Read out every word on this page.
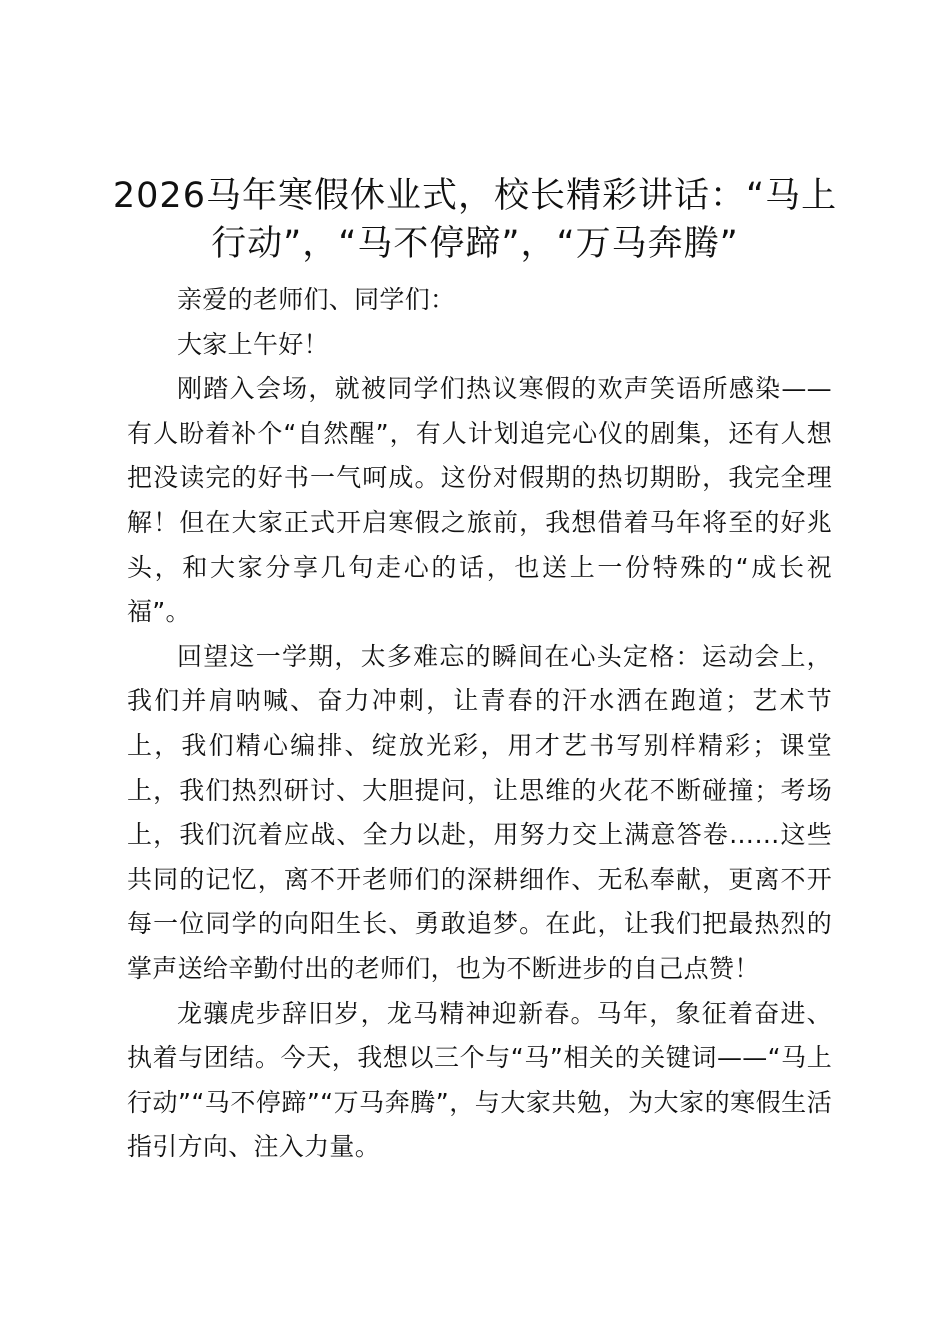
2026马年寒假休业式，校长精彩讲话：“马上行动”，“马不停蹄”，“万马奔腾”

亲爱的老师们、同学们：

大家上午好！

刚踏入会场，就被同学们热议寒假的欢声笑语所感染——有人盼着补个“自然醒”，有人计划追完心仪的剧集，还有人想把没读完的好书一气呵成。这份对假期的热切期盼，我完全理解！但在大家正式开启寒假之旅前，我想借着马年将至的好兆头，和大家分享几句走心的话，也送上一份特殊的“成长祝福”。

回望这一学期，太多难忘的瞬间在心头定格：运动会上，我们并肩呐喊、奋力冲刺，让青春的汗水洒在跑道；艺术节上，我们精心编排、绽放光彩，用才艺书写别样精彩；课堂上，我们热烈研讨、大胆提问，让思维的火花不断碰撞；考场上，我们沉着应战、全力以赴，用努力交上满意答卷……这些共同的记忆，离不开老师们的深耕细作、无私奉献，更离不开每一位同学的向阳生长、勇敢追梦。在此，让我们把最热烈的掌声送给辛勤付出的老师们，也为不断进步的自己点赞！

龙骧虎步辞旧岁，龙马精神迎新春。马年，象征着奋进、执着与团结。今天，我想以三个与“马”相关的关键词——“马上行动”“马不停蹄”“万马奔腾”，与大家共勉，为大家的寒假生活指引方向、注入力量。
